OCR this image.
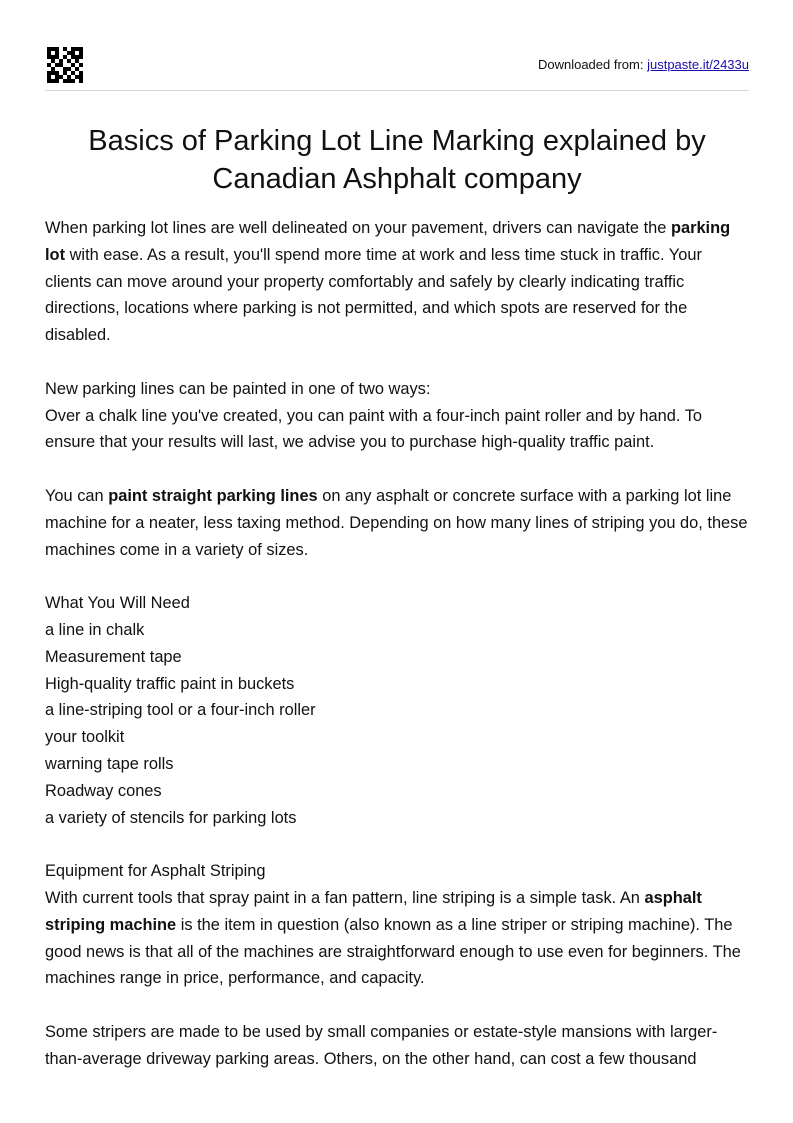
Downloaded from: justpaste.it/2433u
Basics of Parking Lot Line Marking explained by Canadian Ashphalt company

When parking lot lines are well delineated on your pavement, drivers can navigate the parking lot with ease. As a result, you'll spend more time at work and less time stuck in traffic. Your clients can move around your property comfortably and safely by clearly indicating traffic directions, locations where parking is not permitted, and which spots are reserved for the disabled.

New parking lines can be painted in one of two ways:
Over a chalk line you've created, you can paint with a four-inch paint roller and by hand. To ensure that your results will last, we advise you to purchase high-quality traffic paint.

You can paint straight parking lines on any asphalt or concrete surface with a parking lot line machine for a neater, less taxing method. Depending on how many lines of striping you do, these machines come in a variety of sizes.

What You Will Need
a line in chalk
Measurement tape
High-quality traffic paint in buckets
a line-striping tool or a four-inch roller
your toolkit
warning tape rolls
Roadway cones
a variety of stencils for parking lots

Equipment for Asphalt Striping
With current tools that spray paint in a fan pattern, line striping is a simple task. An asphalt striping machine is the item in question (also known as a line striper or striping machine). The good news is that all of the machines are straightforward enough to use even for beginners. The machines range in price, performance, and capacity.

Some stripers are made to be used by small companies or estate-style mansions with larger-than-average driveway parking areas. Others, on the other hand, can cost a few thousand
